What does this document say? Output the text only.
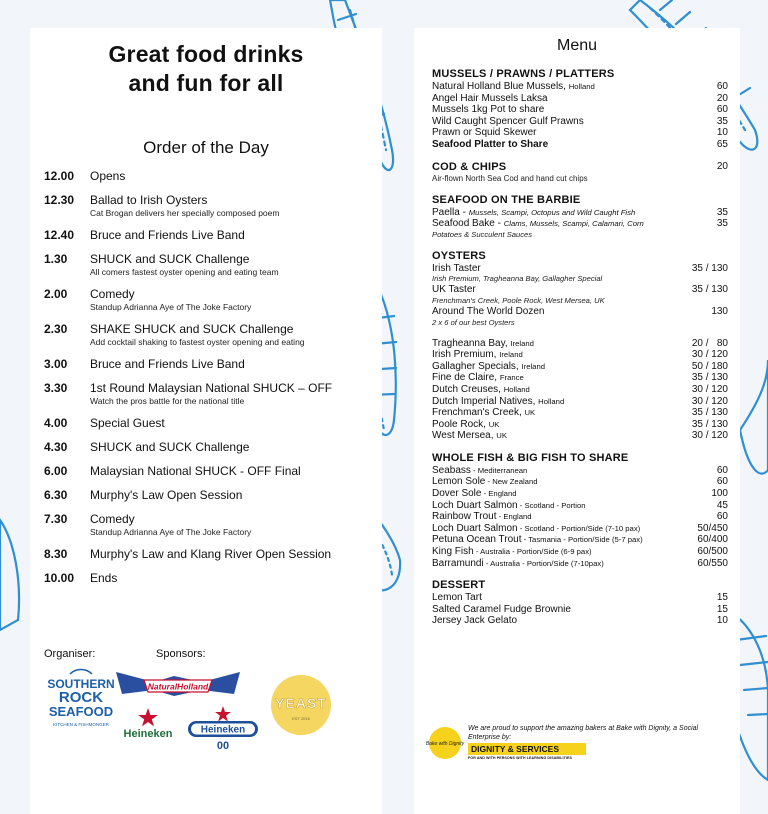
Great food drinks
and fun for all
Order of the Day
12.00	Opens
12.30	Ballad to Irish Oysters
Cat Brogan delivers her specially composed poem
12.40	Bruce and Friends Live Band
1.30	SHUCK and SUCK Challenge
All comers fastest oyster opening and eating team
2.00	Comedy
Standup Adrianna Aye of The Joke Factory
2.30	SHAKE SHUCK and SUCK Challenge
Add cocktail shaking to fastest oyster opening and eating
3.00	Bruce and Friends Live Band
3.30	1st Round Malaysian National SHUCK – OFF
Watch the pros battle for the national title
4.00	Special Guest
4.30	SHUCK and SUCK Challenge
6.00	Malaysian National SHUCK - OFF Final
6.30	Murphy's Law Open Session
7.30	Comedy
Standup Adrianna Aye of The Joke Factory
8.30	Murphy's Law and Klang River Open Session
10.00	Ends
Organiser:	Sponsors:
SOUTHERN
ROCK
SEAFOOD
KITCHEN & FISHMONGER
NaturalHolland
Heineken	Heineken
00
YEAST
EST 2016
Menu
MUSSELS / PRAWNS / PLATTERS
Natural Holland Blue Mussels, Holland	60
Angel Hair Mussels Laksa	20
Mussels 1kg Pot to share	60
Wild Caught Spencer Gulf Prawns	35
Prawn or Squid Skewer	10
Seafood Platter to Share	65
COD & CHIPS	20
Air-flown North Sea Cod and hand cut chips
SEAFOOD ON THE BARBIE
Paella - Mussels, Scampi, Octopus and Wild Caught Fish	35
Seafood Bake - Clams, Mussels, Scampi, Calamari, Corn	35
Potatoes & Succulent Sauces
OYSTERS
Irish Taster	35 / 130
Irish Premium, Tragheanna Bay, Gallagher Special
UK Taster	35 / 130
Frenchman's Creek, Poole Rock, West Mersea, UK
Around The World Dozen	130
2 x 6 of our best Oysters
Tragheanna Bay, Ireland	20 /   80
Irish Premium, Ireland	30 / 120
Gallagher Specials, Ireland	50 / 180
Fine de Claire, France	35 / 130
Dutch Creuses, Holland	30 / 120
Dutch Imperial Natives, Holland	30 / 120
Frenchman's Creek, UK	35 / 130
Poole Rock, UK	35 / 130
West Mersea, UK	30 / 120
WHOLE FISH & BIG FISH TO SHARE
Seabass - Mediterranean	60
Lemon Sole - New Zealand	60
Dover Sole - England	100
Loch Duart Salmon - Scotland - Portion	45
Rainbow Trout - England	60
Loch Duart Salmon - Scotland - Portion/Side (7-10 pax)	50/450
Petuna Ocean Trout - Tasmania - Portion/Side (5-7 pax)	60/400
King Fish - Australia - Portion/Side (6-9 pax)	60/500
Barramundi - Australia - Portion/Side (7-10pax)	60/550
DESSERT
Lemon Tart	15
Salted Caramel Fudge Brownie	15
Jersey Jack Gelato	10
Bake with Dignity
We are proud to support the amazing bakers at Bake with Dignity, a Social Enterprise by:
DIGNITY & SERVICES
FOR AND WITH PERSONS WITH LEARNING DISABILITIES
